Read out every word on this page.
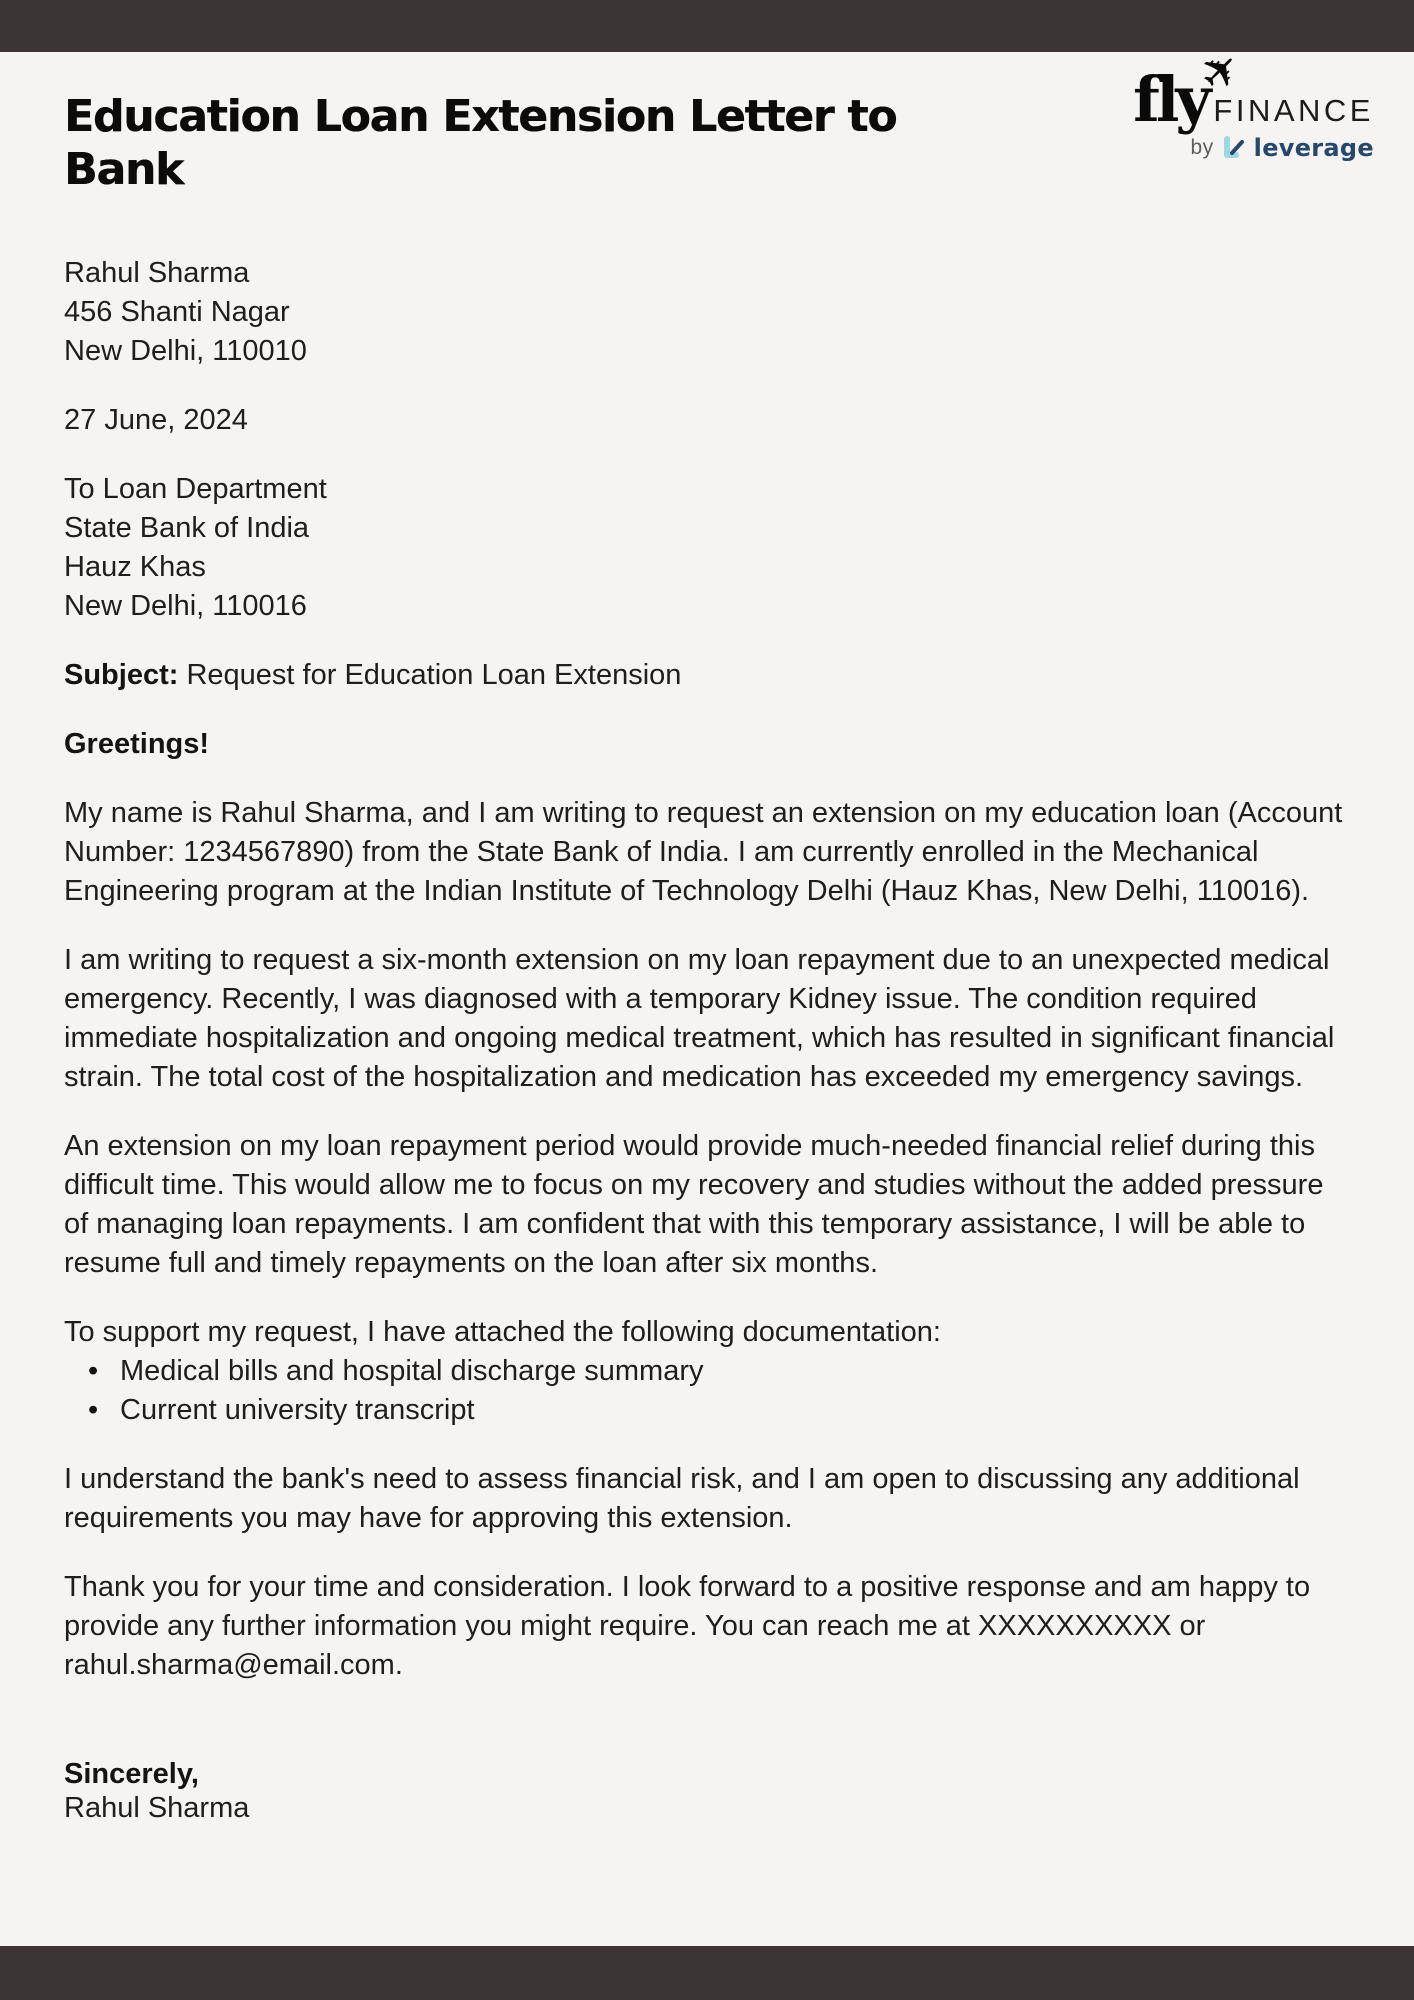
Education Loan Extension Letter to Bank
✈
fly FINANCE
by leverage

Rahul Sharma

456 Shanti Nagar

New Delhi, 110010

27 June, 2024

To Loan Department

State Bank of India

Hauz Khas

New Delhi, 110016

Subject: Request for Education Loan Extension

Greetings!

My name is Rahul Sharma, and I am writing to request an extension on my education loan (Account Number: 1234567890) from the State Bank of India. I am currently enrolled in the Mechanical Engineering program at the Indian Institute of Technology Delhi (Hauz Khas, New Delhi, 110016).

I am writing to request a six-month extension on my loan repayment due to an unexpected medical emergency. Recently, I was diagnosed with a temporary Kidney issue. The condition required immediate hospitalization and ongoing medical treatment, which has resulted in significant financial strain. The total cost of the hospitalization and medication has exceeded my emergency savings.

An extension on my loan repayment period would provide much-needed financial relief during this difficult time. This would allow me to focus on my recovery and studies without the added pressure of managing loan repayments. I am confident that with this temporary assistance, I will be able to resume full and timely repayments on the loan after six months.

To support my request, I have attached the following documentation:

• Medical bills and hospital discharge summary
• Current university transcript

I understand the bank's need to assess financial risk, and I am open to discussing any additional requirements you may have for approving this extension.

Thank you for your time and consideration. I look forward to a positive response and am happy to provide any further information you might require. You can reach me at XXXXXXXXXX or rahul.sharma@email.com.

Sincerely,

Rahul Sharma
